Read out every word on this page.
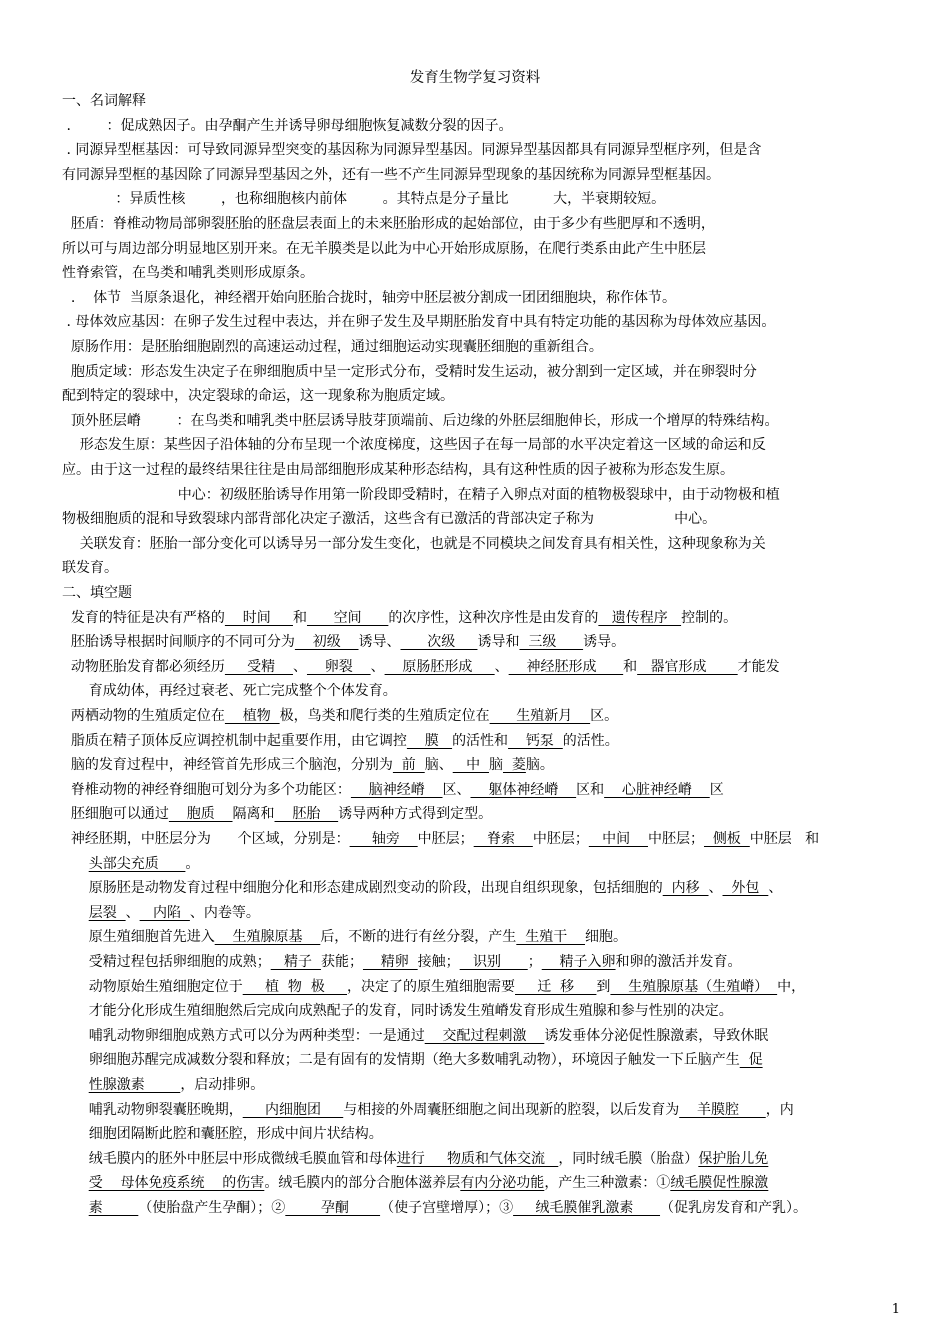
发育生物学复习资料
一、名词解释
.        ：促成熟因子。由孕酮产生并诱导卵母细胞恢复减数分裂的因子。
. 同源异型框基因：可导致同源异型突变的基因称为同源异型基因。同源异型基因都具有同源异型框序列，但是含
有同源异型框的基因除了同源异型基因之外，还有一些不产生同源异型现象的基因统称为同源异型框基因。
：异质性核        ，也称细胞核内前体        。其特点是分子量比          大，半衰期较短。
胚盾：脊椎动物局部卵裂胚胎的胚盘层表面上的未来胚胎形成的起始部位，由于多少有些肥厚和不透明，
所以可与周边部分明显地区别开来。在无羊膜类是以此为中心开始形成原肠，在爬行类系由此产生中胚层
性脊索管，在鸟类和哺乳类则形成原条。
.    体节  当原条退化，神经褶开始向胚胎合拢时，轴旁中胚层被分割成一团团细胞块，称作体节。
. 母体效应基因：在卵子发生过程中表达，并在卵子发生及早期胚胎发育中具有特定功能的基因称为母体效应基因。
原肠作用：是胚胎细胞剧烈的高速运动过程，通过细胞运动实现囊胚细胞的重新组合。
胞质定域：形态发生决定子在卵细胞质中呈一定形式分布，受精时发生运动，被分割到一定区域，并在卵裂时分
配到特定的裂球中，决定裂球的命运，这一现象称为胞质定域。
顶外胚层嵴        ：在鸟类和哺乳类中胚层诱导肢芽顶端前、后边缘的外胚层细胞伸长，形成一个增厚的特殊结构。
形态发生原：某些因子沿体轴的分布呈现一个浓度梯度，这些因子在每一局部的水平决定着这一区域的命运和反
应。由于这一过程的最终结果往往是由局部细胞形成某种形态结构，具有这种性质的因子被称为形态发生原。
中心：初级胚胎诱导作用第一阶段即受精时，在精子入卵点对面的植物极裂球中，由于动物极和植
物极细胞质的混和导致裂球内部背部化决定子激活，这些含有已激活的背部决定子称为                  中心。
关联发育：胚胎一部分变化可以诱导另一部分发生变化，也就是不同模块之间发育具有相关性，这种现象称为关
联发育。
二、填空题
发育的特征是决有严格的    时间     和      空间      的次序性，这种次序性是由发育的   遗传程序   控制的。
胚胎诱导根据时间顺序的不同可分为    初级    诱导、      次级     诱导和  三级      诱导。
动物胚胎发育都必须经历     受精    、    卵裂    、    原肠胚形成     、    神经胚形成      和   器官形成       才能发
育成幼体，再经过衰老、死亡完成整个个体发育。
两栖动物的生殖质定位在    植物  极，鸟类和爬行类的生殖质定位在      生殖新月    区。
脂质在精子顶体反应调控机制中起重要作用，由它调控    膜   的活性和    钙泵  的活性。
脑的发育过程中，神经管首先形成三个脑泡，分别为  前  脑、   中  脑  菱脑。
脊椎动物的神经脊细胞可划分为多个功能区：    脑神经嵴    区、    躯体神经嵴    区和    心脏神经嵴    区
胚细胞可以通过    胞质    隔离和    胚胎    诱导两种方式得到定型。
神经胚期，中胚层分为      个区域，分别是：     轴旁    中胚层；   脊索    中胚层；   中间    中胚层；  侧板  中胚层   和
头部尖充质      。
原肠胚是动物发育过程中细胞分化和形态建成剧烈变动的阶段，出现自组织现象，包括细胞的  内移  、  外包  、
层裂  、   内陷  、内卷等。
原生殖细胞首先进入    生殖腺原基    后，不断的进行有丝分裂，产生  生殖干    细胞。
受精过程包括卵细胞的成熟；   精子  获能；    精卵  接触；   识别      ；    精子入卵和卵的激活并发育。
动物原始生殖细胞定位于     植  物  极     ，决定了的原生殖细胞需要     迁  移     到    生殖腺原基（生殖嵴）  中，
才能分化形成生殖细胞然后完成向成熟配子的发育，同时诱发生殖嵴发育形成生殖腺和参与性别的决定。
哺乳动物卵细胞成熟方式可以分为两种类型：一是通过    交配过程刺激    诱发垂体分泌促性腺激素，导致休眠
卵细胞苏醒完成减数分裂和释放；二是有固有的发情期（绝大多数哺乳动物），环境因子触发一下丘脑产生  促
性腺激素        ，启动排卵。
哺乳动物卵裂囊胚晚期，     内细胞团     与相接的外周囊胚细胞之间出现新的腔裂，以后发育为    羊膜腔      ，内
细胞团隔断此腔和囊胚腔，形成中间片状结构。
绒毛膜内的胚外中胚层中形成微绒毛膜血管和母体进行     物质和气体交流   ，同时绒毛膜（胎盘）保护胎儿免
受    母体免疫系统    的伤害。绒毛膜内的部分合胞体滋养层有内分泌功能，产生三种激素：①绒毛膜促性腺激
素        （使胎盘产生孕酮）；②        孕酮       （使子宫壁增厚）；③     绒毛膜催乳激素      （促乳房发育和产乳）。
1
